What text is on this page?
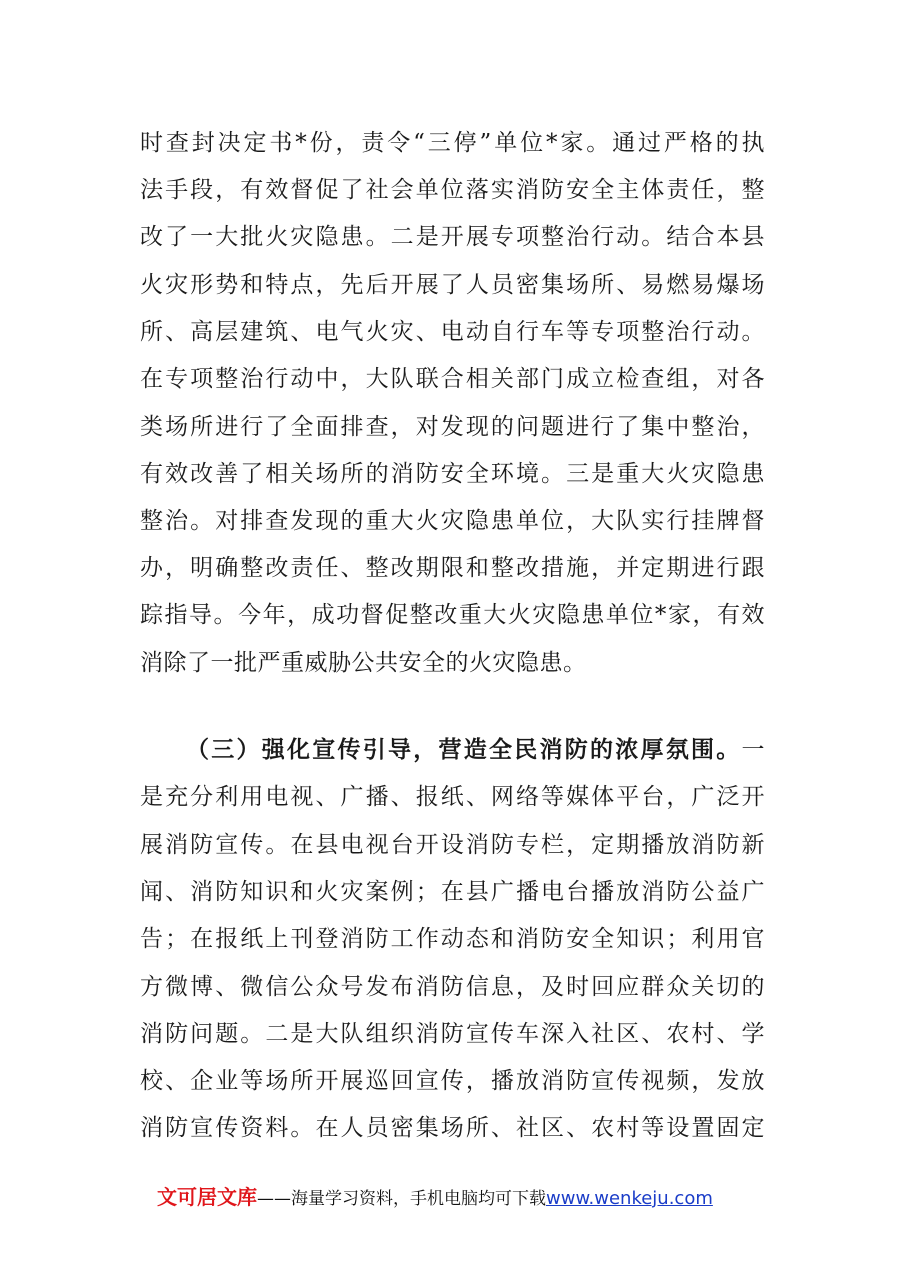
时查封决定书*份，责令“三停”单位*家。通过严格的执
法手段，有效督促了社会单位落实消防安全主体责任，整
改了一大批火灾隐患。二是开展专项整治行动。结合本县
火灾形势和特点，先后开展了人员密集场所、易燃易爆场
所、高层建筑、电气火灾、电动自行车等专项整治行动。
在专项整治行动中，大队联合相关部门成立检查组，对各
类场所进行了全面排查，对发现的问题进行了集中整治，
有效改善了相关场所的消防安全环境。三是重大火灾隐患
整治。对排查发现的重大火灾隐患单位，大队实行挂牌督
办，明确整改责任、整改期限和整改措施，并定期进行跟
踪指导。今年，成功督促整改重大火灾隐患单位*家，有效
消除了一批严重威胁公共安全的火灾隐患。
（三）强化宣传引导，营造全民消防的浓厚氛围。一
是充分利用电视、广播、报纸、网络等媒体平台，广泛开
展消防宣传。在县电视台开设消防专栏，定期播放消防新
闻、消防知识和火灾案例；在县广播电台播放消防公益广
告；在报纸上刊登消防工作动态和消防安全知识；利用官
方微博、微信公众号发布消防信息，及时回应群众关切的
消防问题。二是大队组织消防宣传车深入社区、农村、学
校、企业等场所开展巡回宣传，播放消防宣传视频，发放
消防宣传资料。在人员密集场所、社区、农村等设置固定
文可居文库——海量学习资料，手机电脑均可下载www.wenkeju.com
